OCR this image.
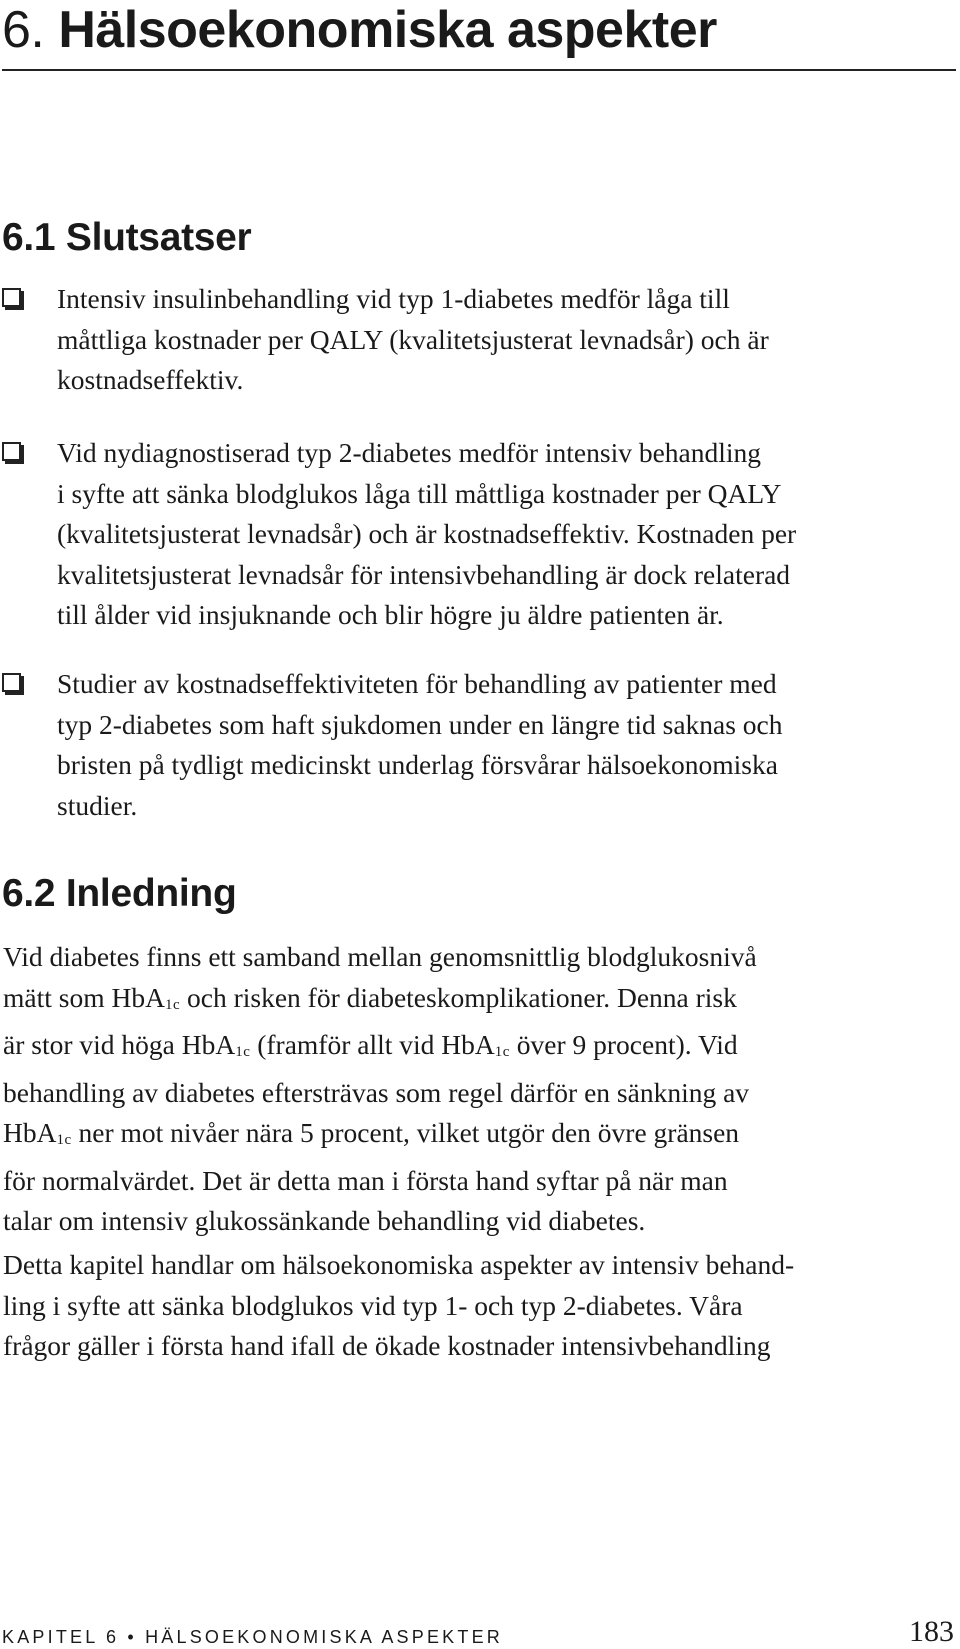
6. Hälsoekonomiska aspekter
6.1 Slutsatser
Intensiv insulinbehandling vid typ 1-diabetes medför låga till
måttliga kostnader per QALY (kvalitetsjusterat levnadsår) och är
kostnadseffektiv.
Vid nydiagnostiserad typ 2-diabetes medför intensiv behandling
i syfte att sänka blodglukos låga till måttliga kostnader per QALY
(kvalitetsjusterat levnadsår) och är kostnadseffektiv. Kostnaden per
kvalitetsjusterat levnadsår för intensivbehandling är dock relaterad
till ålder vid insjuknande och blir högre ju äldre patienten är.
Studier av kostnadseffektiviteten för behandling av patienter med
typ 2-diabetes som haft sjukdomen under en längre tid saknas och
bristen på tydligt medicinskt underlag försvårar hälsoekonomiska
studier.
6.2 Inledning

Vid diabetes finns ett samband mellan genomsnittlig blodglukosnivå
mätt som HbA1c och risken för diabeteskomplikationer. Denna risk
är stor vid höga HbA1c (framför allt vid HbA1c över 9 procent). Vid
behandling av diabetes eftersträvas som regel därför en sänkning av
HbA1c ner mot nivåer nära 5 procent, vilket utgör den övre gränsen
för normalvärdet. Det är detta man i första hand syftar på när man
talar om intensiv glukossänkande behandling vid diabetes.

Detta kapitel handlar om hälsoekonomiska aspekter av intensiv behand-
ling i syfte att sänka blodglukos vid typ 1- och typ 2-diabetes. Våra
frågor gäller i första hand ifall de ökade kostnader intensivbehandling

KAPITEL 6 • HÄLSOEKONOMISKA ASPEKTER	183
